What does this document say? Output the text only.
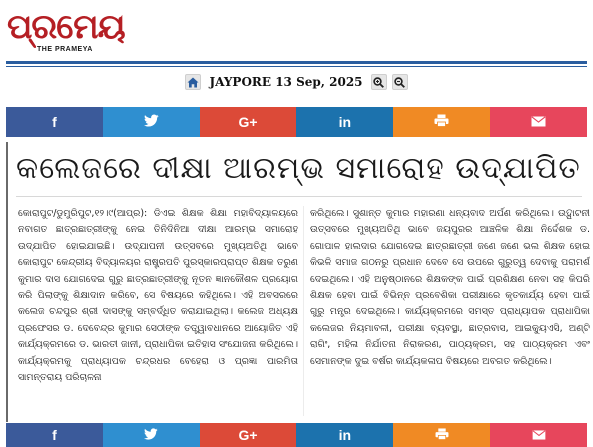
ପ୍ରମେୟ
THE PRAMEYA
JAYPORE 13 Sep, 2025
f	G+	in
କଲେଜରେ ଦୀକ୍ଷା ଆରମ୍ଭ ସମାରୋହ ଉଦ୍ଯାପିତ
କୋରାପୁଟ/ଡୁମୁରିପୁଟ,୧୨।୯(ଆପ୍ର): ଡିଏଇ ଶିକ୍ଷକ ଶିକ୍ଷା ମହାବିଦ୍ୟାଳୟରେ ନବାଗତ ଛାତ୍ରଛାତ୍ରୀଙ୍କୁ ନେଇ ତିନିଦିନିଆ ଦୀକ୍ଷା ଆରମ୍ଭ ସମାରୋହ ଉଦ୍ଯାପିତ ହୋଇଯାଇଛି। ଉଦ୍ଯାପନୀ ଉତ୍ସବରେ ମୁଖ୍ୟଅତିଥି ଭାବେ କୋରାପୁଟ କେନ୍ଦ୍ରୀୟ ବିଦ୍ୟାଳୟର ରାଷ୍ଟ୍ରପତି ପୁରସ୍କାରପ୍ରାପ୍ତ ଶିକ୍ଷକ ତରୁଣ କୁମାର ଦାସ ଯୋଗଦେଇ ଗୁରୁ ଛାତ୍ରଛାତ୍ରୀଙ୍କୁ ନୂତନ ଜ୍ଞାନକୌଶଳ ପ୍ରୟୋଗ କରି ପିଲାଙ୍କୁ ଶିକ୍ଷାଦାନ କରିବେ, ସେ ବିଷୟରେ କହିଥିଲେ। ଏହି ଅବସରରେ କଲେଜ ଚନ୍ଦପୁର ଶ୍ରୀ ଦାସଙ୍କୁ ସମ୍ବର୍ଦ୍ଧିତ କରାଯାଇଥିଲା। କଲେଜ ଅଧ୍ୟକ୍ଷ ପ୍ରଫେସର ଡ. ଦେବେନ୍ଦ୍ର କୁମାର ସେଠୀଙ୍କ ତତ୍ତ୍ୱାବଧାନରେ ଆୟୋଜିତ ଏହି କାର୍ଯ୍ୟକ୍ରମରେ ଡ. ଭାରତୀ ଜାନୀ, ପ୍ରାଧାପିକା ଇତିହାସ ସଂଯୋଜନା କରିଥିଲେ। କାର୍ଯ୍ୟକ୍ରମକୁ ପ୍ରାଧ୍ୟାପକ ଚନ୍ଦ୍ରଧର ବେହେରା ଓ ପ୍ରଜ୍ଞା ପାରମିତା ସାମନ୍ତରାୟ ପରିଚାଳନା
କରିଥିଲେ। ସୁଶାନ୍ତ କୁମାର ମହାରଣା ଧନ୍ୟବାଦ ଅର୍ପଣ କରିଥିଲେ। ଉଦ୍ଘାଟନୀ ଉତ୍ସବରେ ମୁଖ୍ୟଅତିଥି ଭାବେ ଜୟପୁରର ଆଞ୍ଚଳିକ ଶିକ୍ଷା ନିର୍ଦ୍ଦେଶକ ଡ. ଗୋପାଳ ହାଲଦାର ଯୋଗଦେଇ ଛାତ୍ରଛାତ୍ରୀ ଜଣେ ଜଣେ ଭଲ ଶିକ୍ଷକ ହୋଇ କିଭଳି ସମାଜ ଗଠନରୁ ପ୍ରଧାନ ଦେବେ ସେ ଉପରେ ଗୁରୁତ୍ୱ ଦେବାକୁ ପରାମର୍ଶ ଦେଇଥିଲେ। ଏହି ଅନୁଷ୍ଠାନରେ ଶିକ୍ଷକଙ୍କ ପାଇଁ ପ୍ରଶିକ୍ଷଣ ନେବା ସହ କିପରି ଶିକ୍ଷକ ହେବା ପାଇଁ ବିଭିନ୍ନ ପ୍ରବେଶିକା ପରୀକ୍ଷାରେ କୃତକାର୍ଯ୍ୟ ହେବା ପାଇଁ ଗୁରୁ ମନ୍ତ୍ର ଦେଇଥିଲେ। କାର୍ଯ୍ୟକ୍ରମରେ ସମସ୍ତ ପ୍ରାଧ୍ୟାପକ ପ୍ରାଧାପିକା କଲେଜର ନିୟମାବଳୀ, ପରୀକ୍ଷା ବ୍ୟବସ୍ଥା, ଛାତ୍ରବାସ, ଆଇକ୍ୟୁଏସି, ଅଣ୍ଟି ରାଗିଂ, ମହିଳା ନିର୍ଯାତନା ନିରାକରଣ, ପାଠ୍ୟକ୍ରମ, ସହ ପାଠ୍ୟକ୍ରମ ଏବଂ ସେମାନଙ୍କ ଦୁଇ ବର୍ଷର କାର୍ଯ୍ୟକଳାପ ବିଷୟରେ ଅବଗତ କରିଥିଲେ।
f	G+	in
